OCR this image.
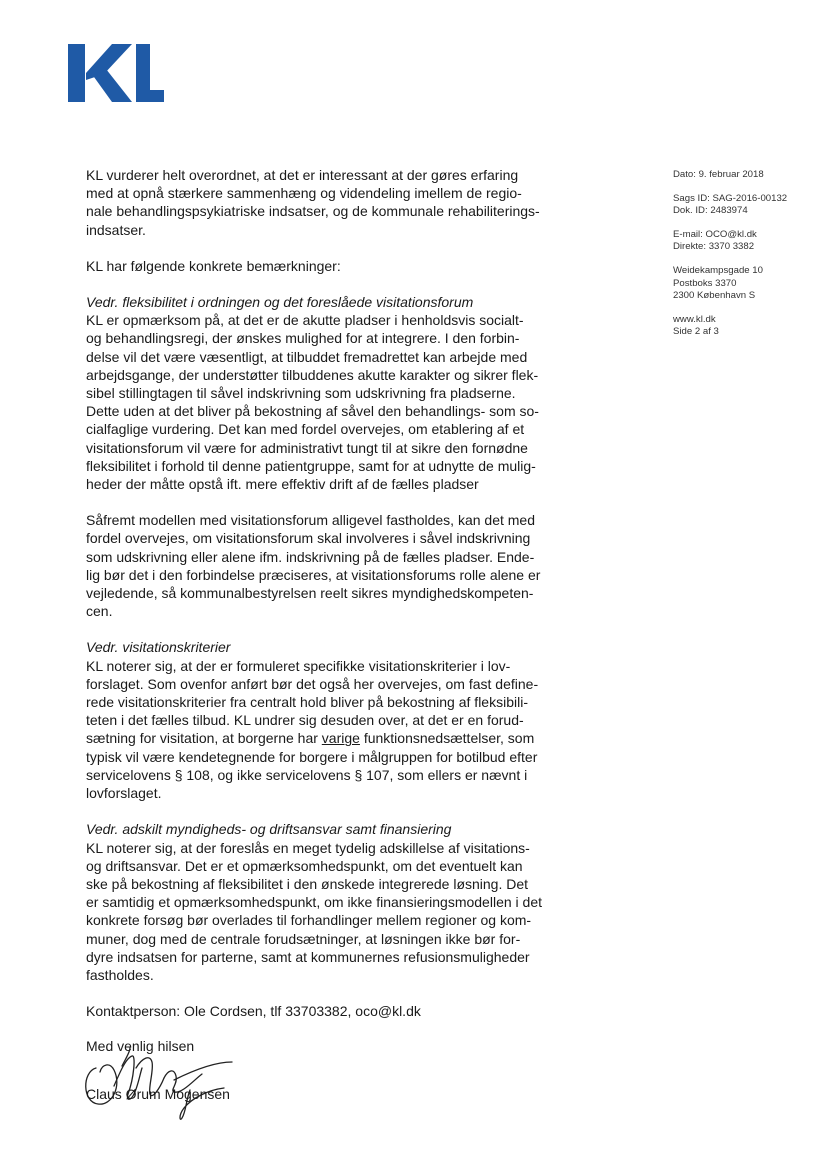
Dato: 9. februar 2018
Sags ID: SAG-2016-00132
Dok. ID: 2483974
E-mail: OCO@kl.dk
Direkte: 3370 3382
Weidekampsgade 10
Postboks 3370
2300 København S
www.kl.dk
Side 2 af 3

KL vurderer helt overordnet, at det er interessant at der gøres erfaring
med at opnå stærkere sammenhæng og videndeling imellem de regio-
nale behandlingspsykiatriske indsatser, og de kommunale rehabiliterings-
indsatser.

KL har følgende konkrete bemærkninger:

Vedr. fleksibilitet i ordningen og det foreslåede visitationsforum

KL er opmærksom på, at det er de akutte pladser i henholdsvis socialt-
og behandlingsregi, der ønskes mulighed for at integrere. I den forbin-
delse vil det være væsentligt, at tilbuddet fremadrettet kan arbejde med
arbejdsgange, der understøtter tilbuddenes akutte karakter og sikrer flek-
sibel stillingtagen til såvel indskrivning som udskrivning fra pladserne.
Dette uden at det bliver på bekostning af såvel den behandlings- som so-
cialfaglige vurdering. Det kan med fordel overvejes, om etablering af et
visitationsforum vil være for administrativt tungt til at sikre den fornødne
fleksibilitet i forhold til denne patientgruppe, samt for at udnytte de mulig-
heder der måtte opstå ift. mere effektiv drift af de fælles pladser

Såfremt modellen med visitationsforum alligevel fastholdes, kan det med
fordel overvejes, om visitationsforum skal involveres i såvel indskrivning
som udskrivning eller alene ifm. indskrivning på de fælles pladser. Ende-
lig bør det i den forbindelse præciseres, at visitationsforums rolle alene er
vejledende, så kommunalbestyrelsen reelt sikres myndighedskompeten-
cen.

Vedr. visitationskriterier

KL noterer sig, at der er formuleret specifikke visitationskriterier i lov-
forslaget. Som ovenfor anført bør det også her overvejes, om fast define-
rede visitationskriterier fra centralt hold bliver på bekostning af fleksibili-
teten i det fælles tilbud. KL undrer sig desuden over, at det er en forud-
sætning for visitation, at borgerne har varige funktionsnedsættelser, som
typisk vil være kendetegnende for borgere i målgruppen for botilbud efter
servicelovens § 108, og ikke servicelovens § 107, som ellers er nævnt i
lovforslaget.

Vedr. adskilt myndigheds- og driftsansvar samt finansiering

KL noterer sig, at der foreslås en meget tydelig adskillelse af visitations-
og driftsansvar. Det er et opmærksomhedspunkt, om det eventuelt kan
ske på bekostning af fleksibilitet i den ønskede integrerede løsning. Det
er samtidig et opmærksomhedspunkt, om ikke finansieringsmodellen i det
konkrete forsøg bør overlades til forhandlinger mellem regioner og kom-
muner, dog med de centrale forudsætninger, at løsningen ikke bør for-
dyre indsatsen for parterne, samt at kommunernes refusionsmuligheder
fastholdes.

Kontaktperson: Ole Cordsen, tlf 33703382, oco@kl.dk

Med venlig hilsen
Claus Ørum Mogensen
